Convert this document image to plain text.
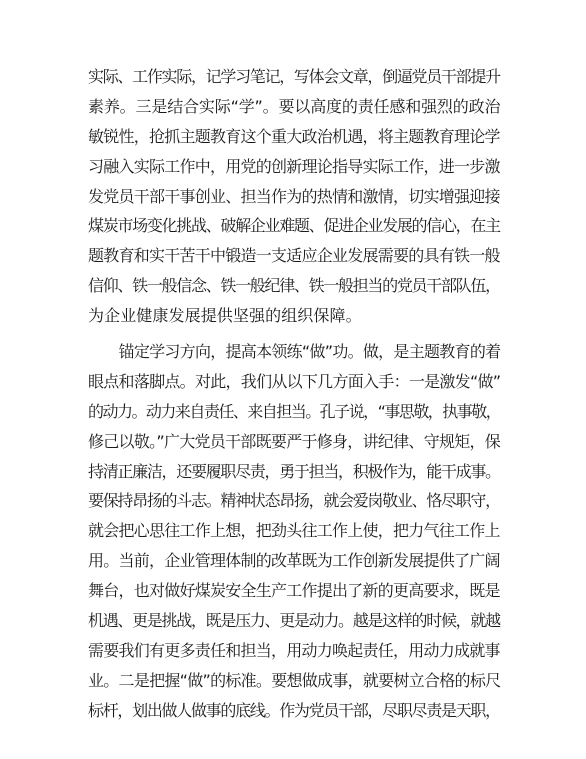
实际、工作实际，记学习笔记，写体会文章，倒逼党员干部提升
素养。三是结合实际“学”。要以高度的责任感和强烈的政治
敏锐性，抢抓主题教育这个重大政治机遇，将主题教育理论学
习融入实际工作中，用党的创新理论指导实际工作，进一步激
发党员干部干事创业、担当作为的热情和激情，切实增强迎接
煤炭市场变化挑战、破解企业难题、促进企业发展的信心，在主
题教育和实干苦干中锻造一支适应企业发展需要的具有铁一般
信仰、铁一般信念、铁一般纪律、铁一般担当的党员干部队伍，
为企业健康发展提供坚强的组织保障。
　　锚定学习方向，提高本领练“做”功。做，是主题教育的着
眼点和落脚点。对此，我们从以下几方面入手：一是激发“做”
的动力。动力来自责任、来自担当。孔子说，“事思敬，执事敬，
修己以敬。”广大党员干部既要严于修身，讲纪律、守规矩，保
持清正廉洁，还要履职尽责，勇于担当，积极作为，能干成事。
要保持昂扬的斗志。精神状态昂扬，就会爱岗敬业、恪尽职守，
就会把心思往工作上想，把劲头往工作上使，把力气往工作上
用。当前，企业管理体制的改革既为工作创新发展提供了广阔
舞台，也对做好煤炭安全生产工作提出了新的更高要求，既是
机遇、更是挑战，既是压力、更是动力。越是这样的时候，就越
需要我们有更多责任和担当，用动力唤起责任，用动力成就事
业。二是把握“做”的标准。要想做成事，就要树立合格的标尺
标杆，划出做人做事的底线。作为党员干部，尽职尽责是天职，
